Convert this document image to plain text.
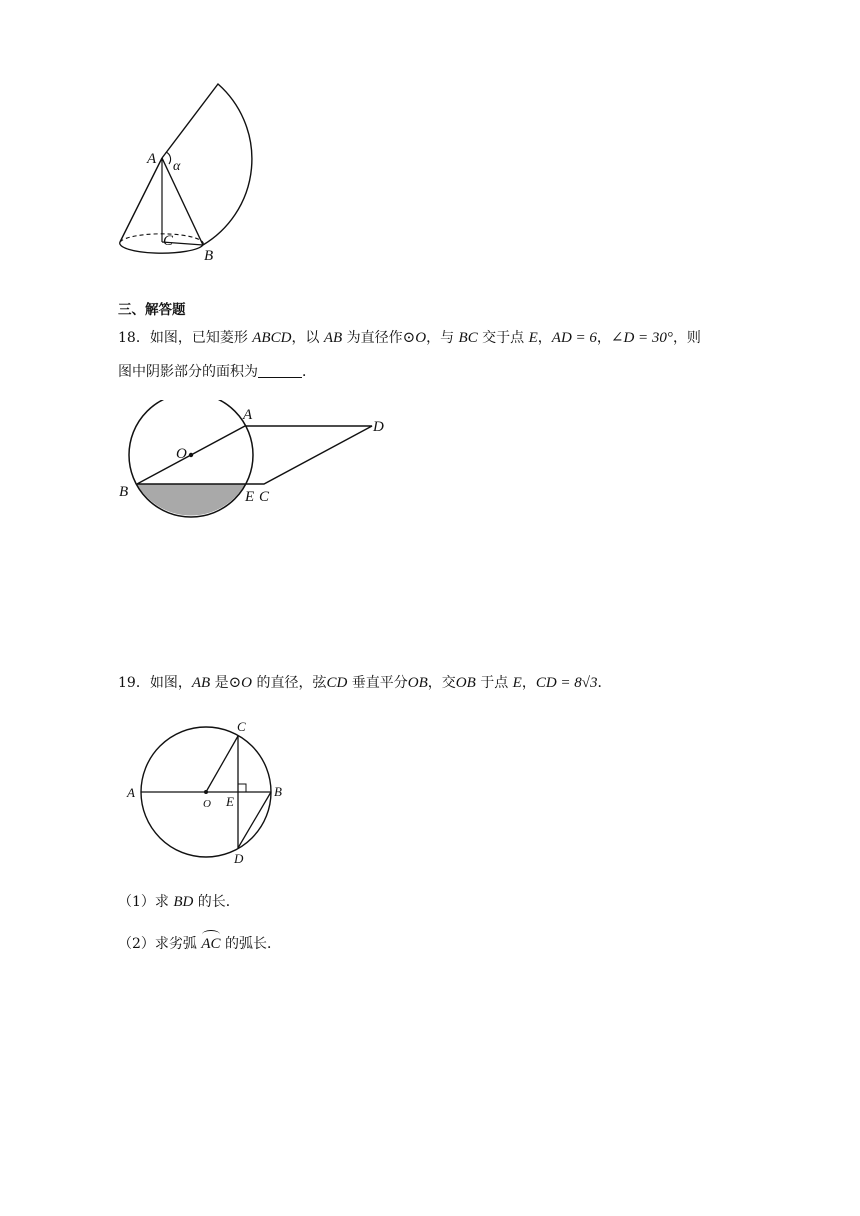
A α
C
B
三、解答题
18．如图，已知菱形 ABCD，以 AB 为直径作⊙O，与 BC 交于点 E，AD = 6，∠D = 30°，则
图中阴影部分的面积为	．
A
D
O
B	E C
19．如图，AB 是⊙O 的直径，弦CD 垂直平分OB，交OB 于点 E，CD = 8√3．
C
A
O E
B
D
（1）求 BD 的长．
（2）求劣弧 AC 的弧长．
